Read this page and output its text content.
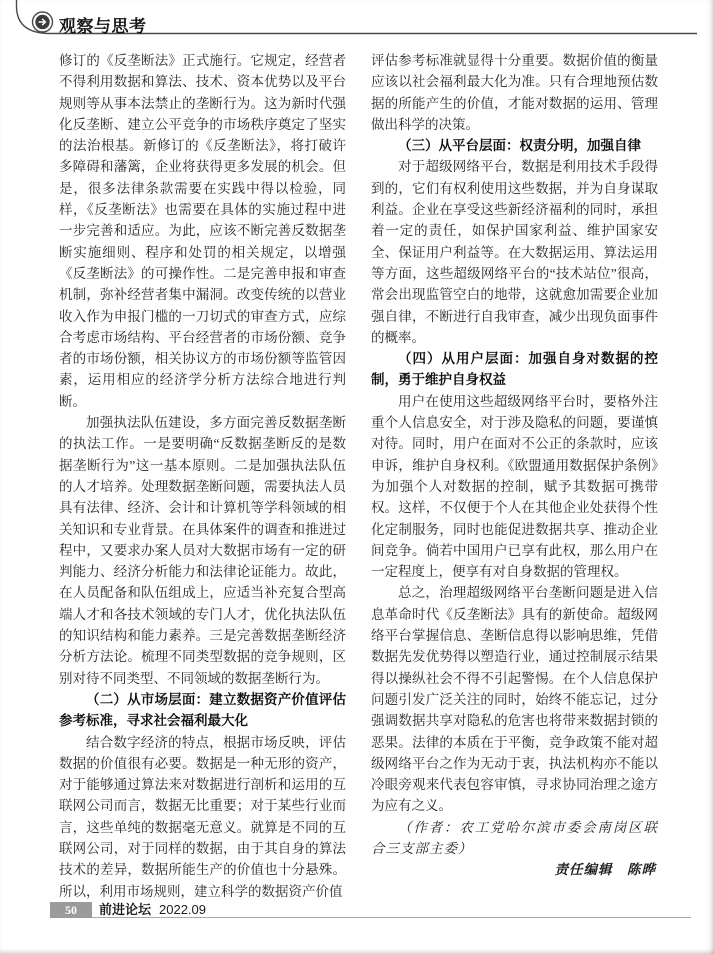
观察与思考

修订的《反垄断法》正式施行。它规定，经营者不得利用数据和算法、技术、资本优势以及平台规则等从事本法禁止的垄断行为。这为新时代强化反垄断、建立公平竞争的市场秩序奠定了坚实的法治根基。新修订的《反垄断法》，将打破许多障碍和藩篱，企业将获得更多发展的机会。但是，很多法律条款需要在实践中得以检验，同样，《反垄断法》也需要在具体的实施过程中进一步完善和适应。为此，应该不断完善反数据垄断实施细则、程序和处罚的相关规定，以增强《反垄断法》的可操作性。二是完善申报和审查机制，弥补经营者集中漏洞。改变传统的以营业收入作为申报门槛的一刀切式的审查方式，应综合考虑市场结构、平台经营者的市场份额、竞争者的市场份额，相关协议方的市场份额等监管因素，运用相应的经济学分析方法综合地进行判断。

加强执法队伍建设，多方面完善反数据垄断的执法工作。一是要明确“反数据垄断反的是数据垄断行为”这一基本原则。二是加强执法队伍的人才培养。处理数据垄断问题，需要执法人员具有法律、经济、会计和计算机等学科领域的相关知识和专业背景。在具体案件的调查和推进过程中，又要求办案人员对大数据市场有一定的研判能力、经济分析能力和法律论证能力。故此，在人员配备和队伍组成上，应适当补充复合型高端人才和各技术领域的专门人才，优化执法队伍的知识结构和能力素养。三是完善数据垄断经济分析方法论。梳理不同类型数据的竞争规则，区别对待不同类型、不同领域的数据垄断行为。

（二）从市场层面：建立数据资产价值评估参考标准，寻求社会福利最大化

结合数字经济的特点，根据市场反映，评估数据的价值很有必要。数据是一种无形的资产，对于能够通过算法来对数据进行剖析和运用的互联网公司而言，数据无比重要；对于某些行业而言，这些单纯的数据毫无意义。就算是不同的互联网公司，对于同样的数据，由于其自身的算法技术的差异，数据所能生产的价值也十分悬殊。所以，利用市场规则，建立科学的数据资产价值

评估参考标准就显得十分重要。数据价值的衡量应该以社会福利最大化为准。只有合理地预估数据的所能产生的价值，才能对数据的运用、管理做出科学的决策。

（三）从平台层面：权责分明，加强自律

对于超级网络平台，数据是利用技术手段得到的，它们有权利使用这些数据，并为自身谋取利益。企业在享受这些新经济福利的同时，承担着一定的责任，如保护国家利益、维护国家安全、保证用户利益等。在大数据运用、算法运用等方面，这些超级网络平台的“技术站位”很高，常会出现监管空白的地带，这就愈加需要企业加强自律，不断进行自我审查，减少出现负面事件的概率。

（四）从用户层面：加强自身对数据的控制，勇于维护自身权益

用户在使用这些超级网络平台时，要格外注重个人信息安全，对于涉及隐私的问题，要谨慎对待。同时，用户在面对不公正的条款时，应该申诉，维护自身权利。《欧盟通用数据保护条例》为加强个人对数据的控制，赋予其数据可携带权。这样，不仅便于个人在其他企业处获得个性化定制服务，同时也能促进数据共享、推动企业间竞争。倘若中国用户已享有此权，那么用户在一定程度上，便享有对自身数据的管理权。

总之，治理超级网络平台垄断问题是进入信息革命时代《反垄断法》具有的新使命。超级网络平台掌握信息、垄断信息得以影响思维，凭借数据先发优势得以塑造行业，通过控制展示结果得以操纵社会不得不引起警惕。在个人信息保护问题引发广泛关注的同时，始终不能忘记，过分强调数据共享对隐私的危害也将带来数据封锁的恶果。法律的本质在于平衡，竞争政策不能对超级网络平台之作为无动于衷，执法机构亦不能以冷眼旁观来代表包容审慎，寻求协同治理之途方为应有之义。

（作者：农工党哈尔滨市委会南岗区联合三支部主委）

责任编辑　陈晔

50	前进论坛 2022.09
